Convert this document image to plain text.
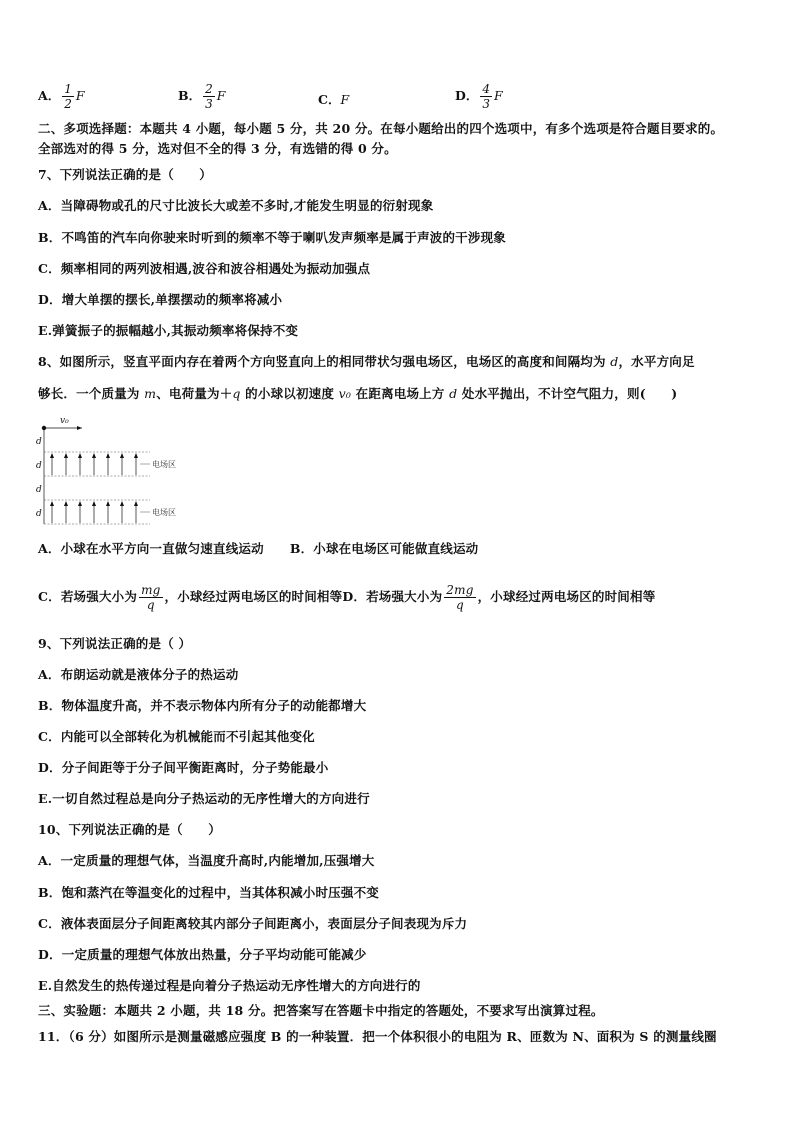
A． $\frac{1}{2}$ F	B． $\frac{2}{3}$ F	C．F	D． $\frac{4}{3}$ F
二、多项选择题：本题共 4 小题，每小题 5 分，共 20 分。在每小题给出的四个选项中，有多个选项是符合题目要求的。
全部选对的得 5 分，选对但不全的得 3 分，有选错的得 0 分。
7、下列说法正确的是（　　）
A．当障碍物或孔的尺寸比波长大或差不多时,才能发生明显的衍射现象
B．不鸣笛的汽车向你驶来时听到的频率不等于喇叭发声频率是属于声波的干涉现象
C．频率相同的两列波相遇,波谷和波谷相遇处为振动加强点
D．增大单摆的摆长,单摆摆动的频率将减小
E.弹簧振子的振幅越小,其振动频率将保持不变
8、如图所示，竖直平面内存在着两个方向竖直向上的相同带状匀强电场区，电场区的高度和间隔均为 d，水平方向足
够长．一个质量为 m、电荷量为＋q 的小球以初速度 v₀ 在距离电场上方 d 处水平抛出，不计空气阻力，则(　　)
v₀
d
d
d
d
电场区
电场区
A．小球在水平方向一直做匀速直线运动 B．小球在电场区可能做直线运动
C．若场强大小为 $\frac{mg}{q}$ ，小球经过两电场区的时间相等D．若场强大小为 $\frac{2mg}{q}$ ，小球经过两电场区的时间相等
9、下列说法正确的是（ ）
A．布朗运动就是液体分子的热运动
B．物体温度升高，并不表示物体内所有分子的动能都增大
C．内能可以全部转化为机械能而不引起其他变化
D．分子间距等于分子间平衡距离时，分子势能最小
E.一切自然过程总是向分子热运动的无序性增大的方向进行
10、下列说法正确的是（　　）
A．一定质量的理想气体，当温度升高时,内能增加,压强增大
B．饱和蒸汽在等温变化的过程中，当其体积减小时压强不变
C．液体表面层分子间距离较其内部分子间距离小，表面层分子间表现为斥力
D．一定质量的理想气体放出热量，分子平均动能可能减少
E.自然发生的热传递过程是向着分子热运动无序性增大的方向进行的
三、实验题：本题共 2 小题，共 18 分。把答案写在答题卡中指定的答题处，不要求写出演算过程。
11．（6 分）如图所示是测量磁感应强度 B 的一种装置．把一个体积很小的电阻为 R、匝数为 N、面积为 S 的测量线圈
